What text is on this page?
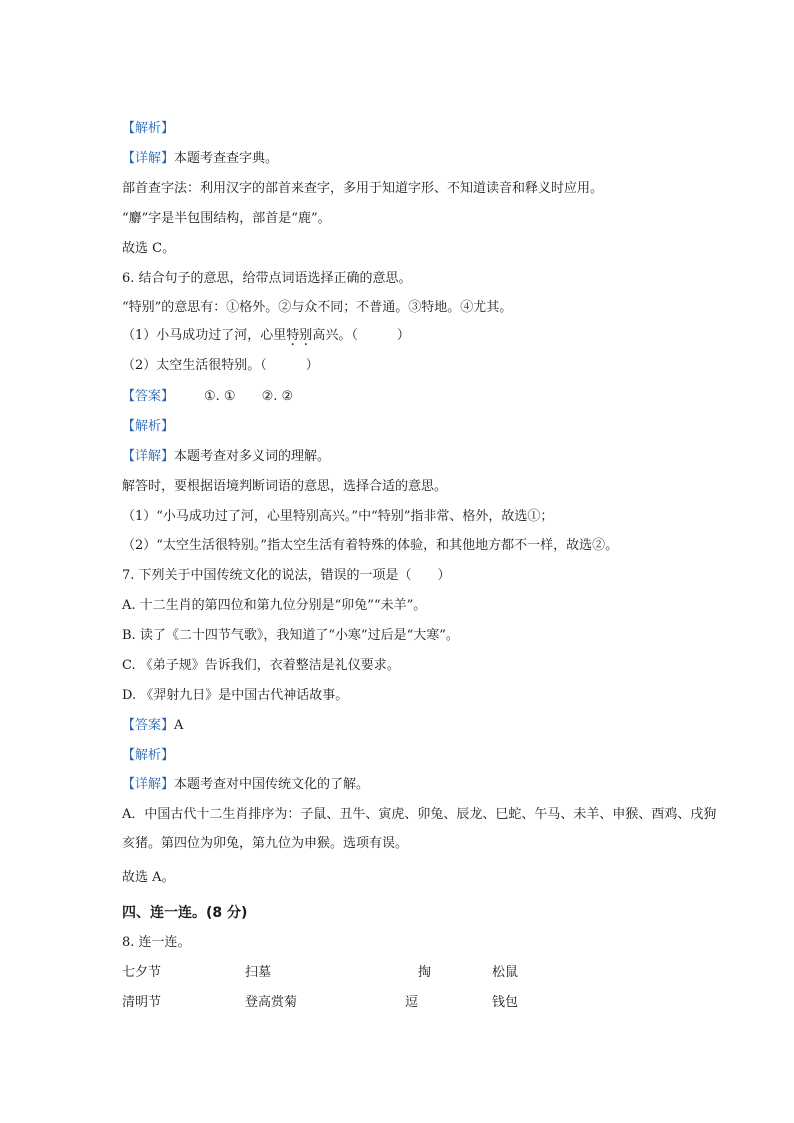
【解析】
【详解】本题考查查字典。
部首查字法：利用汉字的部首来查字，多用于知道字形、不知道读音和释义时应用。
“麝”字是半包围结构，部首是“鹿”。
故选 C。
6. 结合句子的意思，给带点词语选择正确的意思。
“特别”的意思有：①格外。②与众不同；不普通。③特地。④尤其。
（1）小马成功过了河，心里特别高兴。（　　　）
（2）太空生活很特别。（　　　）
【答案】 ①. ①　　②. ②
【解析】
【详解】本题考查对多义词的理解。
解答时，要根据语境判断词语的意思，选择合适的意思。
（1）“小马成功过了河，心里特别高兴。”中“特别”指非常、格外，故选①；
（2）“太空生活很特别。”指太空生活有着特殊的体验，和其他地方都不一样，故选②。
7. 下列关于中国传统文化的说法，错误的一项是（　　）
A. 十二生肖的第四位和第九位分别是“卯兔”“未羊”。
B. 读了《二十四节气歌》，我知道了“小寒”过后是“大寒”。
C. 《弟子规》告诉我们，衣着整洁是礼仪要求。
D. 《羿射九日》是中国古代神话故事。
【答案】A
【解析】
【详解】本题考查对中国传统文化的了解。
A．中国古代十二生肖排序为：子鼠、丑牛、寅虎、卯兔、辰龙、巳蛇、午马、未羊、申猴、酉鸡、戌狗
亥猪。第四位为卯兔，第九位为申猴。选项有误。
故选 A。
四、连一连。(8 分)
8. 连一连。
七夕节	扫墓	掏	松鼠
清明节	登高赏菊	逗	钱包
